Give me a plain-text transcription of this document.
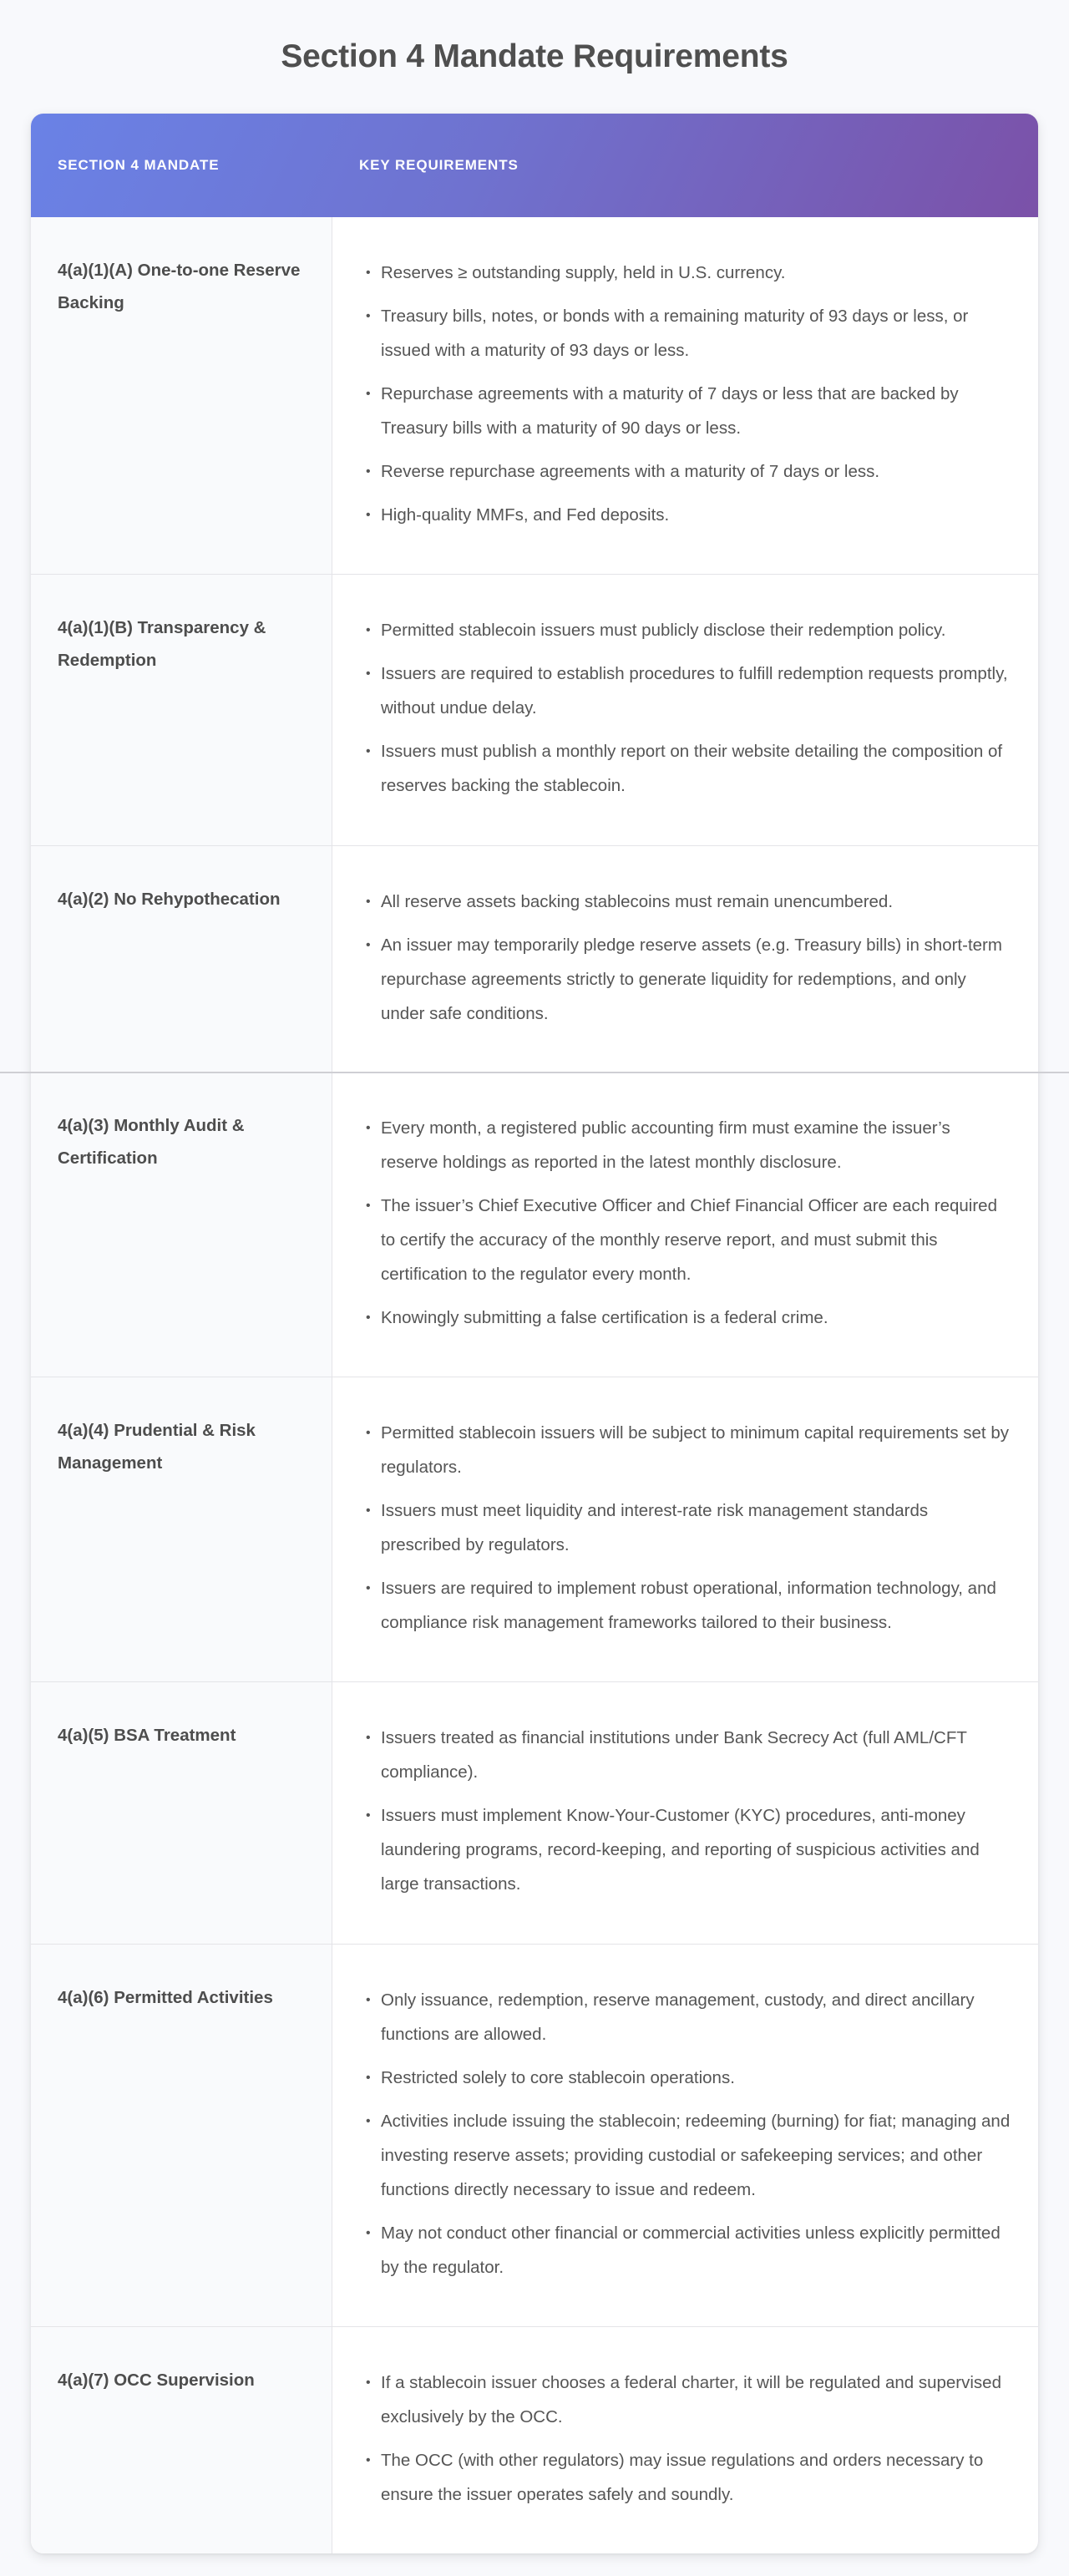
Section 4 Mandate Requirements
SECTION 4 MANDATE	KEY REQUIREMENTS
4(a)(1)(A) One-to-one Reserve Backing
• Reserves ≥ outstanding supply, held in U.S. currency.
• Treasury bills, notes, or bonds with a remaining maturity of 93 days or less, or issued with a maturity of 93 days or less.
• Repurchase agreements with a maturity of 7 days or less that are backed by Treasury bills with a maturity of 90 days or less.
• Reverse repurchase agreements with a maturity of 7 days or less.
• High-quality MMFs, and Fed deposits.
4(a)(1)(B) Transparency & Redemption
• Permitted stablecoin issuers must publicly disclose their redemption policy.
• Issuers are required to establish procedures to fulfill redemption requests promptly, without undue delay.
• Issuers must publish a monthly report on their website detailing the composition of reserves backing the stablecoin.
4(a)(2) No Rehypothecation	• All reserve assets backing stablecoins must remain unencumbered.
• An issuer may temporarily pledge reserve assets (e.g. Treasury bills) in short-term repurchase agreements strictly to generate liquidity for redemptions, and only under safe conditions.
4(a)(3) Monthly Audit & Certification
• Every month, a registered public accounting firm must examine the issuer’s reserve holdings as reported in the latest monthly disclosure.
• The issuer’s Chief Executive Officer and Chief Financial Officer are each required to certify the accuracy of the monthly reserve report, and must submit this certification to the regulator every month.
• Knowingly submitting a false certification is a federal crime.
4(a)(4) Prudential & Risk Management
• Permitted stablecoin issuers will be subject to minimum capital requirements set by regulators.
• Issuers must meet liquidity and interest-rate risk management standards prescribed by regulators.
• Issuers are required to implement robust operational, information technology, and compliance risk management frameworks tailored to their business.
4(a)(5) BSA Treatment	• Issuers treated as financial institutions under Bank Secrecy Act (full AML/CFT compliance).
• Issuers must implement Know-Your-Customer (KYC) procedures, anti-money laundering programs, record-keeping, and reporting of suspicious activities and large transactions.
4(a)(6) Permitted Activities	• Only issuance, redemption, reserve management, custody, and direct ancillary functions are allowed.
• Restricted solely to core stablecoin operations.
• Activities include issuing the stablecoin; redeeming (burning) for fiat; managing and investing reserve assets; providing custodial or safekeeping services; and other functions directly necessary to issue and redeem.
• May not conduct other financial or commercial activities unless explicitly permitted by the regulator.
4(a)(7) OCC Supervision	• If a stablecoin issuer chooses a federal charter, it will be regulated and supervised exclusively by the OCC.
• The OCC (with other regulators) may issue regulations and orders necessary to ensure the issuer operates safely and soundly.
